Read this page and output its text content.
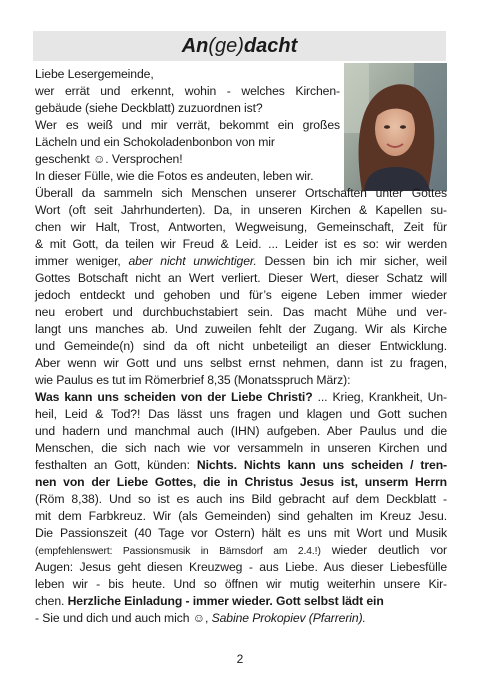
An(ge)dacht
Liebe Lesergemeinde,
wer errät und erkennt, wohin - welches Kirchen-
gebäude (siehe Deckblatt) zuzuordnen ist?
Wer es weiß und mir verrät, bekommt ein großes
Lächeln und ein Schokoladenbonbon von mir
geschenkt ☺. Versprochen!
In dieser Fülle, wie die Fotos es andeuten, leben wir.
Überall da sammeln sich Menschen unserer Ortschaften unter Gottes
Wort (oft seit Jahrhunderten). Da, in unseren Kirchen & Kapellen su-
chen wir Halt, Trost, Antworten, Wegweisung, Gemeinschaft, Zeit für
& mit Gott, da teilen wir Freud & Leid. ... Leider ist es so: wir werden
immer weniger, aber nicht unwichtiger. Dessen bin ich mir sicher, weil
Gottes Botschaft nicht an Wert verliert. Dieser Wert, dieser Schatz will
jedoch entdeckt und gehoben und für’s eigene Leben immer wieder
neu erobert und durchbuchstabiert sein. Das macht Mühe und ver-
langt uns manches ab. Und zuweilen fehlt der Zugang. Wir als Kirche
und Gemeinde(n) sind da oft nicht unbeteiligt an dieser Entwicklung.
Aber wenn wir Gott und uns selbst ernst nehmen, dann ist zu fragen,
wie Paulus es tut im Römerbrief 8,35 (Monatsspruch März):
Was kann uns scheiden von der Liebe Christi? ... Krieg, Krankheit, Un-
heil, Leid & Tod?! Das lässt uns fragen und klagen und Gott suchen
und hadern und manchmal auch (IHN) aufgeben. Aber Paulus und die
Menschen, die sich nach wie vor versammeln in unseren Kirchen und
festhalten an Gott, künden: Nichts. Nichts kann uns scheiden / tren-
nen von der Liebe Gottes, die in Christus Jesus ist, unserm Herrn
(Röm 8,38). Und so ist es auch ins Bild gebracht auf dem Deckblatt -
mit dem Farbkreuz. Wir (als Gemeinden) sind gehalten im Kreuz Jesu.
Die Passionszeit (40 Tage vor Ostern) hält es uns mit Wort und Musik
(empfehlenswert: Passionsmusik in Bärnsdorf am 2.4.!) wieder deutlich vor
Augen: Jesus geht diesen Kreuzweg - aus Liebe. Aus dieser Liebesfülle
leben wir - bis heute. Und so öffnen wir mutig weiterhin unsere Kir-
chen. Herzliche Einladung - immer wieder. Gott selbst lädt ein
- Sie und dich und auch mich ☺, Sabine Prokopiev (Pfarrerin).
2
